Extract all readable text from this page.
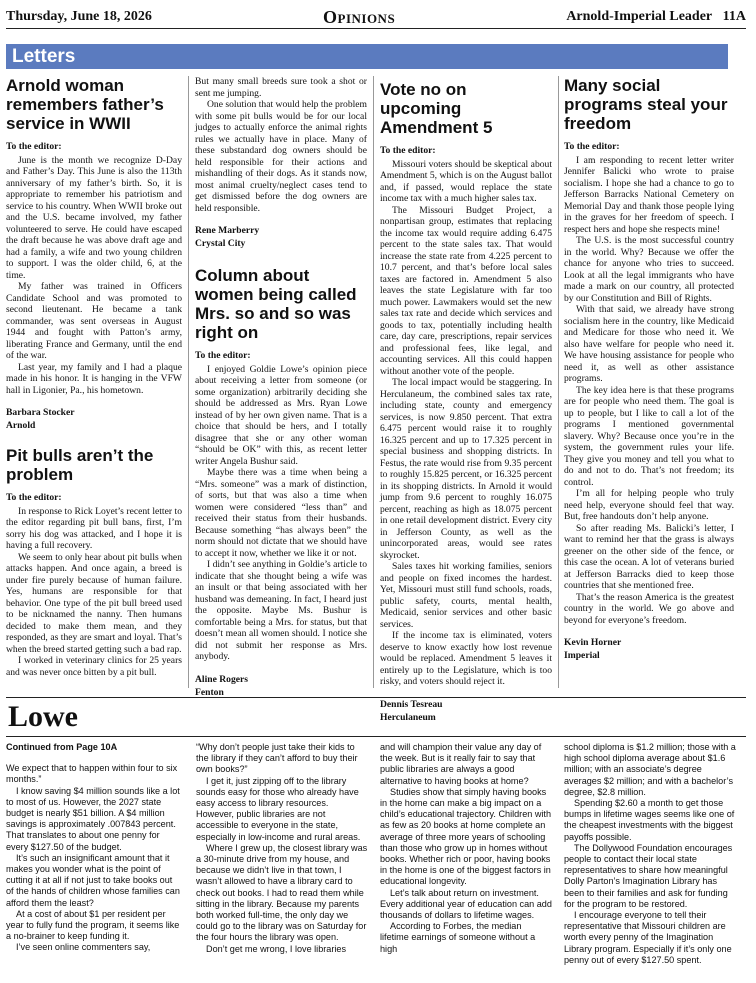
Thursday, June 18, 2026	Opinions	Arnold-Imperial Leader 11A
Letters
Arnold woman remembers father’s service in WWII
To the editor:

June is the month we recognize D-Day and Father’s Day. This June is also the 113th anniversary of my father’s birth. So, it is appropriate to remember his patriotism and service to his country. When WWII broke out and the U.S. became involved, my father volunteered to serve. He could have escaped the draft because he was above draft age and had a family, a wife and two young children to support. I was the older child, 6, at the time.

My father was trained in Officers Candidate School and was promoted to second lieutenant. He became a tank commander, was sent overseas in August 1944 and fought with Patton’s army, liberating France and Germany, until the end of the war.

Last year, my family and I had a plaque made in his honor. It is hanging in the VFW hall in Ligonier, Pa., his hometown.

Barbara Stocker
Arnold
Pit bulls aren’t the problem
To the editor:

In response to Rick Loyet’s recent letter to the editor regarding pit bull bans, first, I’m sorry his dog was attacked, and I hope it is having a full recovery.

We seem to only hear about pit bulls when attacks happen. And once again, a breed is under fire purely because of human failure. Yes, humans are responsible for that behavior. One type of the pit bull breed used to be nicknamed the nanny. Then humans decided to make them mean, and they responded, as they are smart and loyal. That’s when the breed started getting such a bad rap.

I worked in veterinary clinics for 25 years and was never once bitten by a pit bull.

But many small breeds sure took a shot or sent me jumping.

One solution that would help the problem with some pit bulls would be for our local judges to actually enforce the animal rights rules we actually have in place. Many of these substandard dog owners should be held responsible for their actions and mishandling of their dogs. As it stands now, most animal cruelty/neglect cases tend to get dismissed before the dog owners are held responsible.

Rene Marberry
Crystal City
Column about women being called Mrs. so and so was right on
To the editor:

I enjoyed Goldie Lowe’s opinion piece about receiving a letter from someone (or some organization) arbitrarily deciding she should be addressed as Mrs. Ryan Lowe instead of by her own given name. That is a choice that should be hers, and I totally disagree that she or any other woman “should be OK” with this, as recent letter writer Angela Bushur said.

Maybe there was a time when being a “Mrs. someone” was a mark of distinction, of sorts, but that was also a time when women were considered “less than” and received their status from their husbands. Because something “has always been” the norm should not dictate that we should have to accept it now, whether we like it or not.

I didn’t see anything in Goldie’s article to indicate that she thought being a wife was an insult or that being associated with her husband was demeaning. In fact, I heard just the opposite. Maybe Ms. Bushur is comfortable being a Mrs. for status, but that doesn’t mean all women should. I notice she did not submit her response as Mrs. anybody.

Aline Rogers
Fenton
Vote no on upcoming Amendment 5
To the editor:

Missouri voters should be skeptical about Amendment 5, which is on the August ballot and, if passed, would replace the state income tax with a much higher sales tax.

The Missouri Budget Project, a nonpartisan group, estimates that replacing the income tax would require adding 6.475 percent to the state sales tax. That would increase the state rate from 4.225 percent to 10.7 percent, and that’s before local sales taxes are factored in. Amendment 5 also leaves the state Legislature with far too much power. Lawmakers would set the new sales tax rate and decide which services and goods to tax, potentially including health care, day care, prescriptions, repair services and professional fees, like legal, and accounting services. All this could happen without another vote of the people.

The local impact would be staggering. In Herculaneum, the combined sales tax rate, including state, county and emergency services, is now 9.850 percent. That extra 6.475 percent would raise it to roughly 16.325 percent and up to 17.325 percent in special business and shopping districts. In Festus, the rate would rise from 9.35 percent to roughly 15.825 percent, or 16.325 percent in its shopping districts. In Arnold it would jump from 9.6 percent to roughly 16.075 percent, reaching as high as 18.075 percent in one retail development district. Every city in Jefferson County, as well as the unincorporated areas, would see rates skyrocket.

Sales taxes hit working families, seniors and people on fixed incomes the hardest. Yet, Missouri must still fund schools, roads, public safety, courts, mental health, Medicaid, senior services and other basic services.

If the income tax is eliminated, voters deserve to know exactly how lost revenue would be replaced. Amendment 5 leaves it entirely up to the Legislature, which is too risky, and voters should reject it.

Dennis Tesreau
Herculaneum
Many social programs steal your freedom
To the editor:

I am responding to recent letter writer Jennifer Balicki who wrote to praise socialism. I hope she had a chance to go to Jefferson Barracks National Cemetery on Memorial Day and thank those people lying in the graves for her freedom of speech. I respect hers and hope she respects mine!

The U.S. is the most successful country in the world. Why? Because we offer the chance for anyone who tries to succeed. Look at all the legal immigrants who have made a mark on our country, all protected by our Constitution and Bill of Rights.

With that said, we already have strong socialism here in the country, like Medicaid and Medicare for those who need it. We also have welfare for people who need it. We have housing assistance for people who need it, as well as other assistance programs.

The key idea here is that these programs are for people who need them. The goal is up to people, but I like to call a lot of the programs I mentioned governmental slavery. Why? Because once you’re in the system, the government rules your life. They give you money and tell you what to do and not to do. That’s not freedom; its control.

I’m all for helping people who truly need help, everyone should feel that way. But, free handouts don’t help anyone.

So after reading Ms. Balicki’s letter, I want to remind her that the grass is always greener on the other side of the fence, or this case the ocean. A lot of veterans buried at Jefferson Barracks died to keep those countries that she mentioned free.

That’s the reason America is the greatest country in the world. We go above and beyond for everyone’s freedom.

Kevin Horner
Imperial
Lowe
Continued from Page 10A

We expect that to happen within four to six months.”

I know saving $4 million sounds like a lot to most of us. However, the 2027 state budget is nearly $51 billion. A $4 million savings is approximately .007843 percent. That translates to about one penny for every $127.50 of the budget.

It’s such an insignificant amount that it makes you wonder what is the point of cutting it at all if not just to take books out of the hands of children whose families can afford them the least?

At a cost of about $1 per resident per year to fully fund the program, it seems like a no-brainer to keep funding it.

I’ve seen online commenters say,

“Why don’t people just take their kids to the library if they can’t afford to buy their own books?”

I get it, just zipping off to the library sounds easy for those who already have easy access to library resources. However, public libraries are not accessible to everyone in the state, especially in low-income and rural areas.

Where I grew up, the closest library was a 30-minute drive from my house, and because we didn’t live in that town, I wasn’t allowed to have a library card to check out books. I had to read them while sitting in the library. Because my parents both worked full-time, the only day we could go to the library was on Saturday for the four hours the library was open.

Don’t get me wrong, I love libraries

and will champion their value any day of the week. But is it really fair to say that public libraries are always a good alternative to having books at home?

Studies show that simply having books in the home can make a big impact on a child’s educational trajectory. Children with as few as 20 books at home complete an average of three more years of schooling than those who grow up in homes without books. Whether rich or poor, having books in the home is one of the biggest factors in educational longevity.

Let’s talk about return on investment. Every additional year of education can add thousands of dollars to lifetime wages.

According to Forbes, the median lifetime earnings of someone without a high

school diploma is $1.2 million; those with a high school diploma average about $1.6 million; with an associate’s degree averages $2 million; and with a bachelor’s degree, $2.8 million.

Spending $2.60 a month to get those bumps in lifetime wages seems like one of the cheapest investments with the biggest payoffs possible.

The Dollywood Foundation encourages people to contact their local state representatives to share how meaningful Dolly Parton’s Imagination Library has been to their families and ask for funding for the program to be restored.

I encourage everyone to tell their representative that Missouri children are worth every penny of the Imagination Library program. Especially if it’s only one penny out of every $127.50 spent.
